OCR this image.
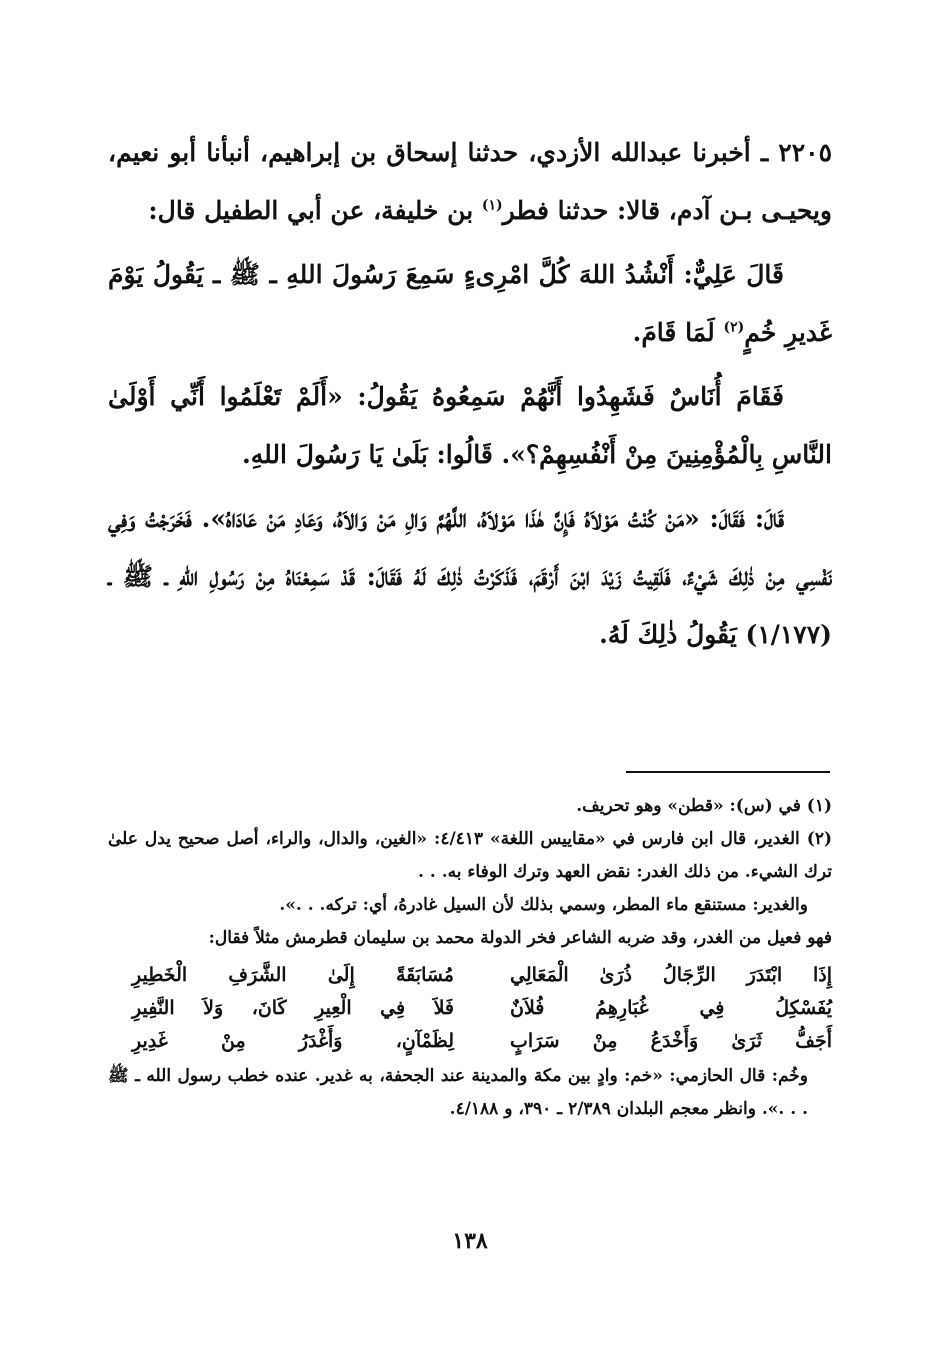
٢٢٠٥ ـ أخبرنا عبدالله الأزدي، حدثنا إسحاق بن إبراهيم، أنبأنا أبو نعيم، ويحيـى بـن آدم، قالا: حدثنا فطر$^{(١)}$ بن خليفة، عن أبي الطفيل قال:

قَالَ عَلِيٌّ: أَنْشُدُ اللهَ كُلَّ امْرِىءٍ سَمِعَ رَسُولَ اللهِ ـ ﷺ ـ يَقُولُ يَوْمَ غَديرِ خُمٍ$^{(٢)}$ لَمَا قَامَ.

فَقَامَ أُنَاسٌ فَشَهِدُوا أَنَّهُمْ سَمِعُوهُ يَقُولُ: «أَلَمْ تَعْلَمُوا أَنِّي أَوْلَىٰ النَّاسِ بِالْمُؤْمِنِينَ مِنْ أَنْفُسِهِمْ؟». قَالُوا: بَلَىٰ يَا رَسُولَ اللهِ.

قَالَ: فَقَالَ: «مَنْ كُنْتُ مَوْلاَهُ فَإِنَّ هٰذَا مَوْلاَهُ، اللَّهُمَّ وَالِ مَنْ وَالاَهُ، وَعَادِ مَنْ عَادَاهُ». فَخَرَجْتُ وَفِي نَفْسِي مِنْ ذٰلِكَ شَيْءٌ، فَلَقِيتُ زَيْدَ ابْنَ أَرْقَمَ، فَذَكَرْتُ ذٰلِكَ لَهُ فَقَالَ: قَدْ سَمِعْنَاهُ مِنْ رَسُولِ اللهِ ـ ﷺ ـ (١/١٧٧) يَقُولُ ذٰلِكَ لَهُ.

(١) في (س): «قطن» وهو تحريف.

(٢) الغدير، قال ابن فارس في «مقاييس اللغة» ٤/٤١٣: «الغين، والدال، والراء، أصل صحيح يدل علىٰ ترك الشيء. من ذلك الغدر: نقض العهد وترك الوفاء به. . .

والغدير: مستنقع ماء المطر، وسمي بذلك لأن السيل غادرهُ، أي: تركه. . .».

فهو فعيل من الغدر، وقد ضربه الشاعر فخر الدولة محمد بن سليمان قطرمش مثلاً فقال:

إِذَا ابْتَدَرَ الرِّجَالُ ذُرَىٰ الْمَعَالِي
مُسَابَقَةً إِلَىٰ الشَّرَفِ الْخَطِيرِ
يُفَسْكِلُ فِي غُبَارِهِمُ فُلاَنٌ
فَلاَ فِي الْعِيرِ كَانَ، وَلاَ النَّفِيرِ
أَجَفُّ ثَرَىٰ وَأَخْدَعُ مِنْ سَرَابٍ
لِظَمْآنٍ، وَأَغْدَرُ مِنْ غَدِيرِ

وخُم: قال الحازمي: «خم: وادٍ بين مكة والمدينة عند الجحفة، به غدير. عنده خطب رسول الله ـ ﷺ . . .». وانظر معجم البلدان ٢/٣٨٩ ـ ٣٩٠، و ٤/١٨٨.

١٣٨
